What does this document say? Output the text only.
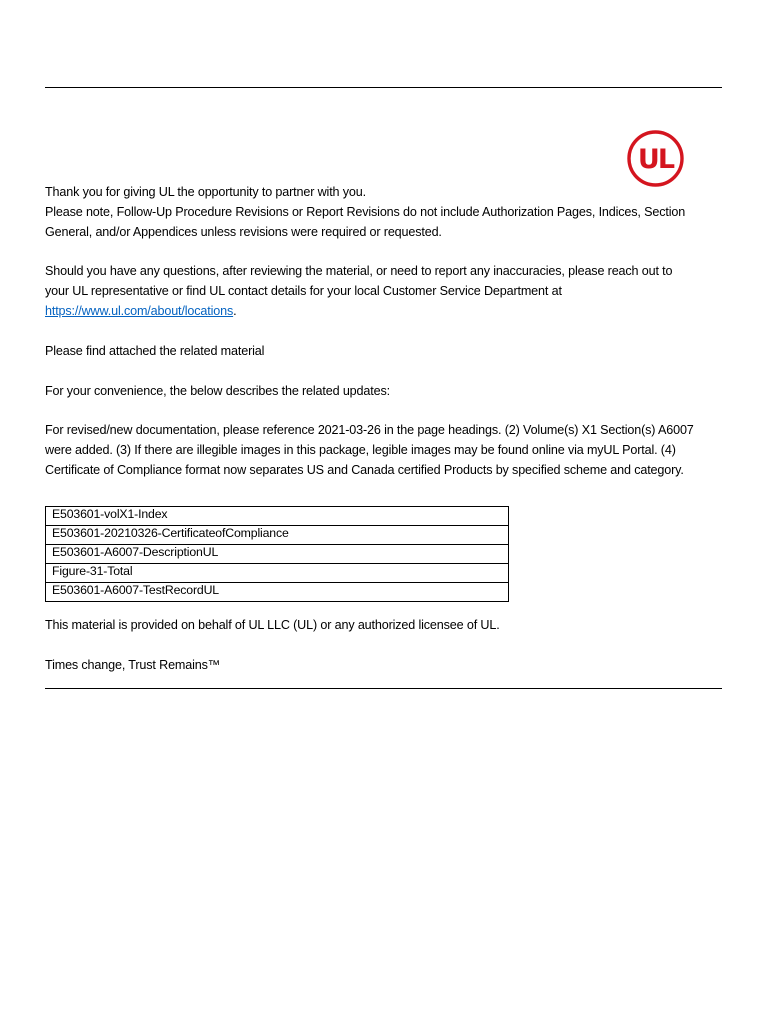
UL

Thank you for giving UL the opportunity to partner with you.

Please note, Follow-Up Procedure Revisions or Report Revisions do not include Authorization Pages, Indices, Section

General, and/or Appendices unless revisions were required or requested.

Should you have any questions, after reviewing the material, or need to report any inaccuracies, please reach out to

your UL representative or find UL contact details for your local Customer Service Department at

https://www.ul.com/about/locations.

Please find attached the related material

For your convenience, the below describes the related updates:

For revised/new documentation, please reference 2021-03-26 in the page headings. (2) Volume(s) X1 Section(s) A6007

were added. (3) If there are illegible images in this package, legible images may be found online via myUL Portal. (4)

Certificate of Compliance format now separates US and Canada certified Products by specified scheme and category.

E503601-volX1-Index
E503601-20210326-CertificateofCompliance
E503601-A6007-DescriptionUL
Figure-31-Total
E503601-A6007-TestRecordUL

This material is provided on behalf of UL LLC (UL) or any authorized licensee of UL.

Times change, Trust Remains™
